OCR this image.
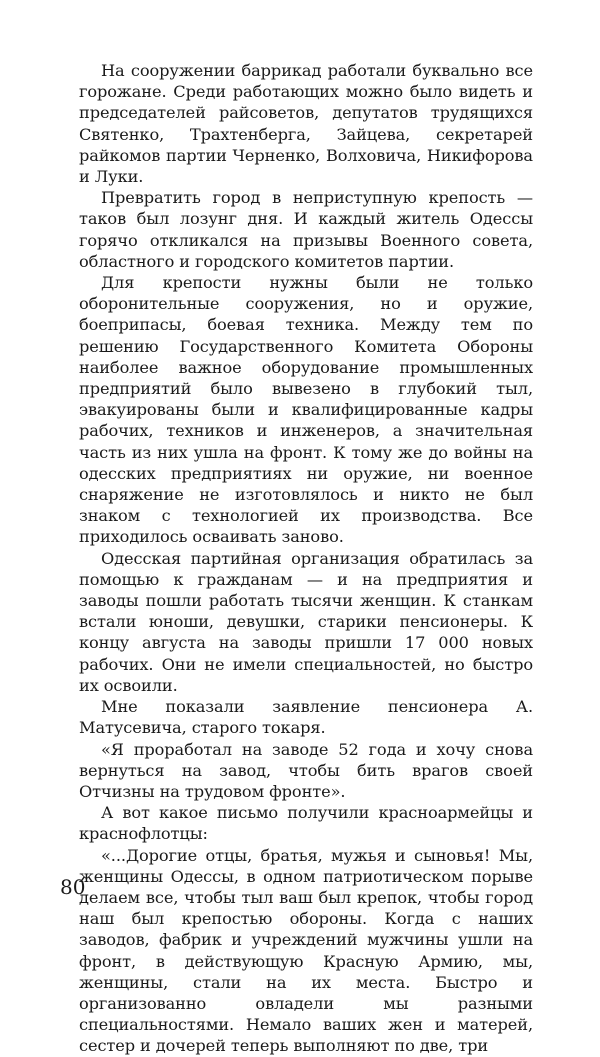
На сооружении баррикад работали буквально все горожане. Среди работающих можно было видеть и председателей райсоветов, депутатов трудящихся Святенко, Трахтенберга, Зайцева, секретарей райкомов партии Черненко, Волховича, Никифорова и Луки.

Превратить город в неприступную крепость — таков был лозунг дня. И каждый житель Одессы горячо откликался на призывы Военного совета, областного и городского комитетов партии.

Для крепости нужны были не только оборонительные сооружения, но и оружие, боеприпасы, боевая техника. Между тем по решению Государственного Комитета Обороны наиболее важное оборудование промышленных предприятий было вывезено в глубокий тыл, эвакуированы были и квалифицированные кадры рабочих, техников и инженеров, а значительная часть из них ушла на фронт. К тому же до войны на одесских предприятиях ни оружие, ни военное снаряжение не изготовлялось и никто не был знаком с технологией их производства. Все приходилось осваивать заново.

Одесская партийная организация обратилась за помощью к гражданам — и на предприятия и заводы пошли работать тысячи женщин. К станкам встали юноши, девушки, старики пенсионеры. К концу августа на заводы пришли 17 000 новых рабочих. Они не имели специальностей, но быстро их освоили.

Мне показали заявление пенсионера А. Матусевича, старого токаря.

«Я проработал на заводе 52 года и хочу снова вернуться на завод, чтобы бить врагов своей Отчизны на трудовом фронте».

А вот какое письмо получили красноармейцы и краснофлотцы:

«...Дорогие отцы, братья, мужья и сыновья! Мы, женщины Одессы, в одном патриотическом порыве делаем все, чтобы тыл ваш был крепок, чтобы город наш был крепостью обороны. Когда с наших заводов, фабрик и учреждений мужчины ушли на фронт, в действующую Красную Армию, мы, женщины, стали на их места. Быстро и организованно овладели мы разными специальностями. Немало ваших жен и матерей, сестер и дочерей теперь выполняют по две, три

80
